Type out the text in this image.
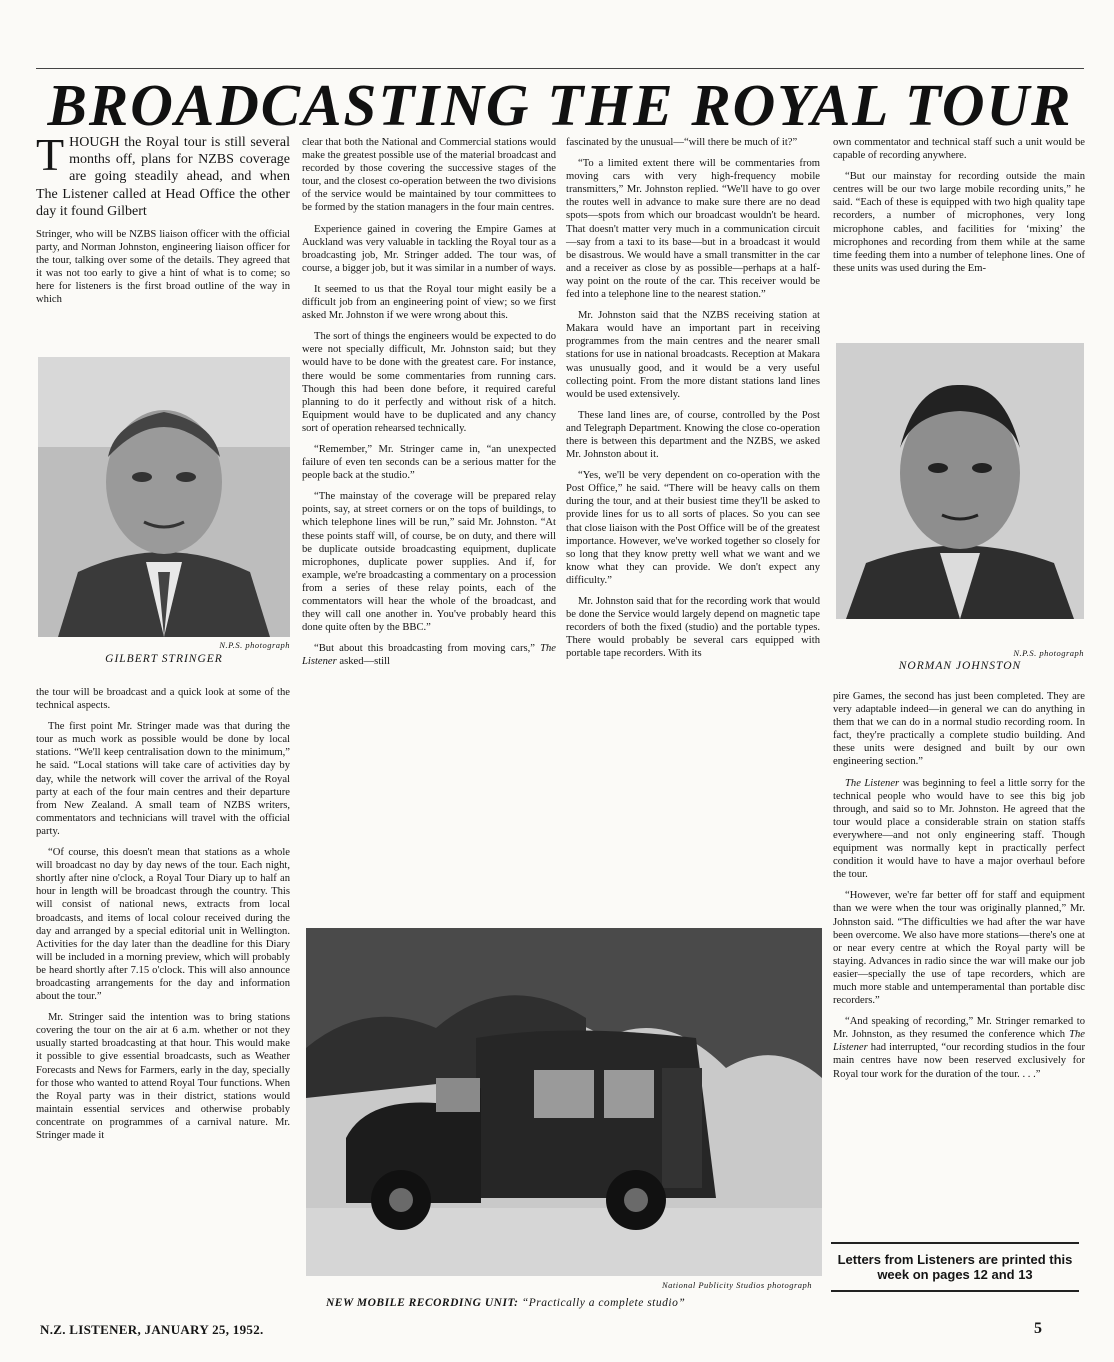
BROADCASTING THE ROYAL TOUR

THOUGH the Royal tour is still several months off, plans for NZBS coverage are going steadily ahead, and when The Listener called at Head Office the other day it found Gilbert

Stringer, who will be NZBS liaison officer with the official party, and Norman Johnston, engineering liaison officer for the tour, talking over some of the details. They agreed that it was not too early to give a hint of what is to come; so here for listeners is the first broad outline of the way in which

N.P.S. photograph
GILBERT STRINGER

the tour will be broadcast and a quick look at some of the technical aspects.

The first point Mr. Stringer made was that during the tour as much work as possible would be done by local stations. “We'll keep centralisation down to the minimum,” he said. “Local stations will take care of activities day by day, while the network will cover the arrival of the Royal party at each of the four main centres and their departure from New Zealand. A small team of NZBS writers, commentators and technicians will travel with the official party.

“Of course, this doesn't mean that stations as a whole will broadcast no day by day news of the tour. Each night, shortly after nine o'clock, a Royal Tour Diary up to half an hour in length will be broadcast through the country. This will consist of national news, extracts from local broadcasts, and items of local colour received during the day and arranged by a special editorial unit in Wellington. Activities for the day later than the deadline for this Diary will be included in a morning preview, which will probably be heard shortly after 7.15 o'clock. This will also announce broadcasting arrangements for the day and information about the tour.”

Mr. Stringer said the intention was to bring stations covering the tour on the air at 6 a.m. whether or not they usually started broadcasting at that hour. This would make it possible to give essential broadcasts, such as Weather Forecasts and News for Farmers, early in the day, specially for those who wanted to attend Royal Tour functions. When the Royal party was in their district, stations would maintain essential services and otherwise probably concentrate on programmes of a carnival nature. Mr. Stringer made it

clear that both the National and Commercial stations would make the greatest possible use of the material broadcast and recorded by those covering the successive stages of the tour, and the closest co-operation between the two divisions of the service would be maintained by tour committees to be formed by the station managers in the four main centres.

Experience gained in covering the Empire Games at Auckland was very valuable in tackling the Royal tour as a broadcasting job, Mr. Stringer added. The tour was, of course, a bigger job, but it was similar in a number of ways.

It seemed to us that the Royal tour might easily be a difficult job from an engineering point of view; so we first asked Mr. Johnston if we were wrong about this.

The sort of things the engineers would be expected to do were not specially difficult, Mr. Johnston said; but they would have to be done with the greatest care. For instance, there would be some commentaries from running cars. Though this had been done before, it required careful planning to do it perfectly and without risk of a hitch. Equipment would have to be duplicated and any chancy sort of operation rehearsed technically.

“Remember,” Mr. Stringer came in, “an unexpected failure of even ten seconds can be a serious matter for the people back at the studio.”

“The mainstay of the coverage will be prepared relay points, say, at street corners or on the tops of buildings, to which telephone lines will be run,” said Mr. Johnston. “At these points staff will, of course, be on duty, and there will be duplicate outside broadcasting equipment, duplicate microphones, duplicate power supplies. And if, for example, we're broadcasting a commentary on a procession from a series of these relay points, each of the commentators will hear the whole of the broadcast, and they will call one another in. You've probably heard this done quite often by the BBC.”

“But about this broadcasting from moving cars,” The Listener asked—still

fascinated by the unusual—“will there be much of it?”

“To a limited extent there will be commentaries from moving cars with very high-frequency mobile transmitters,” Mr. Johnston replied. “We'll have to go over the routes well in advance to make sure there are no dead spots—spots from which our broadcast wouldn't be heard. That doesn't matter very much in a communication circuit—say from a taxi to its base—but in a broadcast it would be disastrous. We would have a small transmitter in the car and a receiver as close by as possible—perhaps at a half-way point on the route of the car. This receiver would be fed into a telephone line to the nearest station.”

Mr. Johnston said that the NZBS receiving station at Makara would have an important part in receiving programmes from the main centres and the nearer small stations for use in national broadcasts. Reception at Makara was unusually good, and it would be a very useful collecting point. From the more distant stations land lines would be used extensively.

These land lines are, of course, controlled by the Post and Telegraph Department. Knowing the close co-operation there is between this department and the NZBS, we asked Mr. Johnston about it.

“Yes, we'll be very dependent on co-operation with the Post Office,” he said. “There will be heavy calls on them during the tour, and at their busiest time they'll be asked to provide lines for us to all sorts of places. So you can see that close liaison with the Post Office will be of the greatest importance. However, we've worked together so closely for so long that they know pretty well what we want and we know what they can provide. We don't expect any difficulty.”

Mr. Johnston said that for the recording work that would be done the Service would largely depend on magnetic tape recorders of both the fixed (studio) and the portable types. There would probably be several cars equipped with portable tape recorders. With its

own commentator and technical staff such a unit would be capable of recording anywhere.

“But our mainstay for recording outside the main centres will be our two large mobile recording units,” he said. “Each of these is equipped with two high quality tape recorders, a number of microphones, very long microphone cables, and facilities for ‘mixing’ the microphones and recording from them while at the same time feeding them into a number of telephone lines. One of these units was used during the Em-

N.P.S. photograph
NORMAN JOHNSTON

pire Games, the second has just been completed. They are very adaptable indeed—in general we can do anything in them that we can do in a normal studio recording room. In fact, they're practically a complete studio building. And these units were designed and built by our own engineering section.”

The Listener was beginning to feel a little sorry for the technical people who would have to see this big job through, and said so to Mr. Johnston. He agreed that the tour would place a considerable strain on station staffs everywhere—and not only engineering staff. Though equipment was normally kept in practically perfect condition it would have to have a major overhaul before the tour.

“However, we're far better off for staff and equipment than we were when the tour was originally planned,” Mr. Johnston said. “The difficulties we had after the war have been overcome. We also have more stations—there's one at or near every centre at which the Royal party will be staying. Advances in radio since the war will make our job easier—specially the use of tape recorders, which are much more stable and untemperamental than portable disc recorders.”

“And speaking of recording,” Mr. Stringer remarked to Mr. Johnston, as they resumed the conference which The Listener had interrupted, “our recording studios in the four main centres have now been reserved exclusively for Royal tour work for the duration of the tour. . . .”

National Publicity Studios photograph
NEW MOBILE RECORDING UNIT: “Practically a complete studio”
Letters from Listeners are printed this week on pages 12 and 13
N.Z. LISTENER, JANUARY 25, 1952.	5
